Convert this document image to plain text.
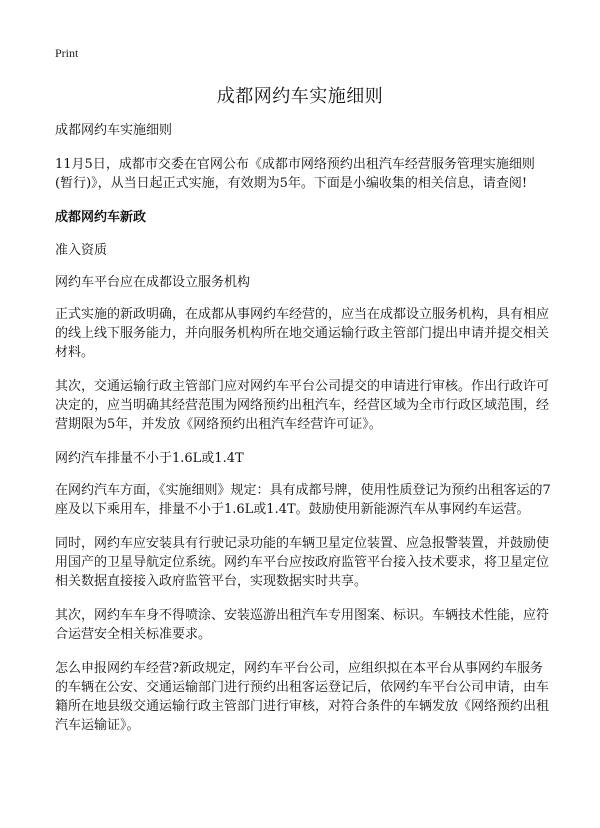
Print
成都网约车实施细则

成都网约车实施细则

11月5日，成都市交委在官网公布《成都市网络预约出租汽车经营服务管理实施细则(暂行)》，从当日起正式实施，有效期为5年。下面是小编收集的相关信息，请查阅!

成都网约车新政

准入资质

网约车平台应在成都设立服务机构

正式实施的新政明确，在成都从事网约车经营的，应当在成都设立服务机构，具有相应的线上线下服务能力，并向服务机构所在地交通运输行政主管部门提出申请并提交相关材料。

其次，交通运输行政主管部门应对网约车平台公司提交的申请进行审核。作出行政许可决定的，应当明确其经营范围为网络预约出租汽车，经营区域为全市行政区域范围，经营期限为5年，并发放《网络预约出租汽车经营许可证》。

网约汽车排量不小于1.6L或1.4T

在网约汽车方面，《实施细则》规定：具有成都号牌，使用性质登记为预约出租客运的7座及以下乘用车，排量不小于1.6L或1.4T。鼓励使用新能源汽车从事网约车运营。

同时，网约车应安装具有行驶记录功能的车辆卫星定位装置、应急报警装置，并鼓励使用国产的卫星导航定位系统。网约车平台应按政府监管平台接入技术要求，将卫星定位相关数据直接接入政府监管平台，实现数据实时共享。

其次，网约车车身不得喷涂、安装巡游出租汽车专用图案、标识。车辆技术性能，应符合运营安全相关标准要求。

怎么申报网约车经营?新政规定，网约车平台公司，应组织拟在本平台从事网约车服务的车辆在公安、交通运输部门进行预约出租客运登记后，依网约车平台公司申请，由车籍所在地县级交通运输行政主管部门进行审核，对符合条件的车辆发放《网络预约出租汽车运输证》。
